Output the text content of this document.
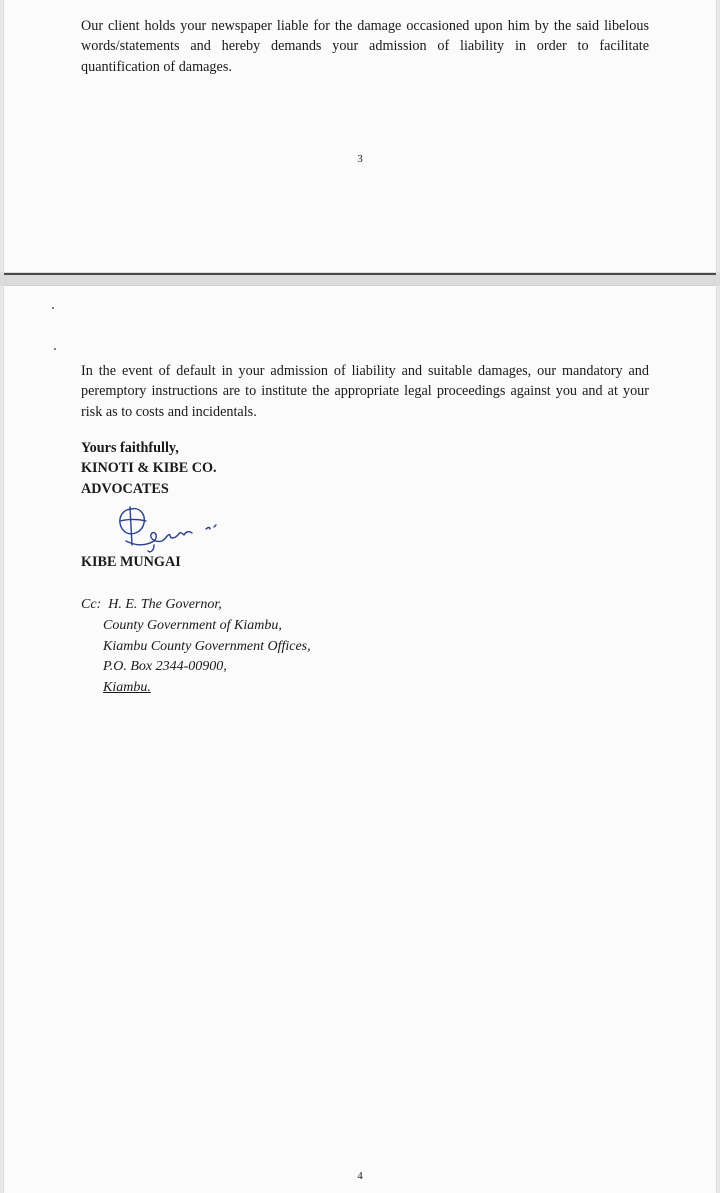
Our client holds your newspaper liable for the damage occasioned upon him by the said libelous words/statements and hereby demands your admission of liability in order to facilitate quantification of damages.

3

In the event of default in your admission of liability and suitable damages, our mandatory and peremptory instructions are to institute the appropriate legal proceedings against you and at your risk as to costs and incidentals.

Yours faithfully,
KINOTI & KIBE CO.
ADVOCATES
KIBE MUNGAI
Cc: H. E. The Governor,
County Government of Kiambu,
Kiambu County Government Offices,
P.O. Box 2344-00900,
Kiambu.
4
